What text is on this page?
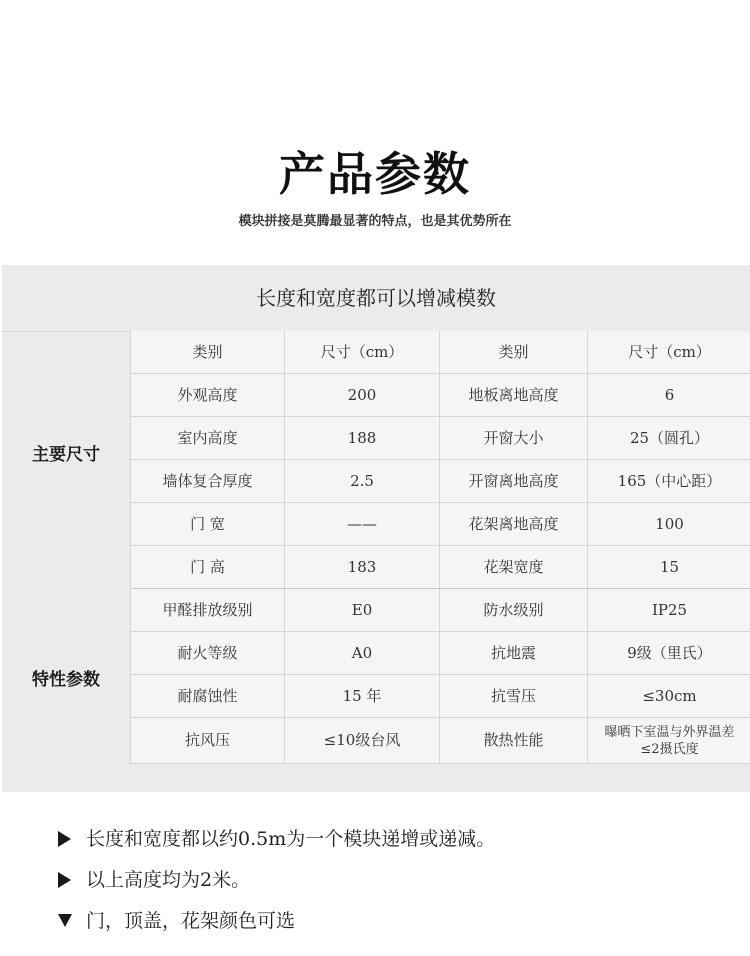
产品参数
模块拼接是莫腾最显著的特点，也是其优势所在
长度和宽度都可以增减模数
主要尺寸
特性参数
类别	尺寸（cm）	类别	尺寸（cm）
外观高度	200	地板离地高度	6
室内高度	188	开窗大小	25（圆孔）
墙体复合厚度	2.5	开窗离地高度	165（中心距）
门 宽	——	花架离地高度	100
门 高	183	花架宽度	15
甲醛排放级别	E0	防水级别	IP25
耐火等级	A0	抗地震	9级（里氏）
耐腐蚀性	15 年	抗雪压	≤30cm
抗风压	≤10级台风	散热性能	曝晒下室温与外界温差≤2摄氏度
长度和宽度都以约0.5m为一个模块递增或递减。
以上高度均为2米。
门，顶盖，花架颜色可选
